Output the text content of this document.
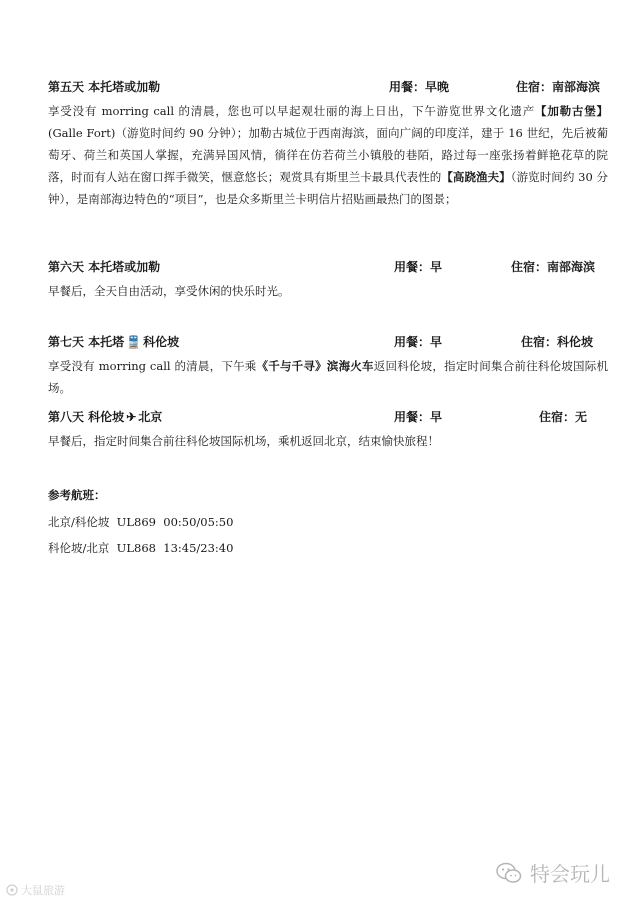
第五天 本托塔或加勒	用餐：早晚	住宿：南部海滨
享受没有 morring call 的清晨，您也可以早起观壮丽的海上日出，下午游览世界文化遗产【加勒古堡】(Galle Fort)（游览时间约 90 分钟）；加勒古城位于西南海滨，面向广阔的印度洋，建于 16 世纪，先后被葡萄牙、荷兰和英国人掌握，充满异国风情，徜徉在仿若荷兰小镇般的巷陌，路过每一座张扬着鲜艳花草的院落，时而有人站在窗口挥手微笑，惬意悠长；观赏具有斯里兰卡最具代表性的【高跷渔夫】（游览时间约 30 分钟），是南部海边特色的“项目”，也是众多斯里兰卡明信片招贴画最热门的图景；
第六天 本托塔或加勒	用餐：早	住宿：南部海滨
早餐后，全天自由活动，享受休闲的快乐时光。
第七天 本托塔 🚆 科伦坡	用餐：早	住宿：科伦坡
享受没有 morring call 的清晨，下午乘《千与千寻》滨海火车返回科伦坡，指定时间集合前往科伦坡国际机场。
第八天 科伦坡 ✈ 北京	用餐：早	住宿：无
早餐后，指定时间集合前往科伦坡国际机场，乘机返回北京，结束愉快旅程！
参考航班：
北京/科伦坡  UL869  00:50/05:50
科伦坡/北京  UL868  13:45/23:40
大鼠旅游
特会玩儿
